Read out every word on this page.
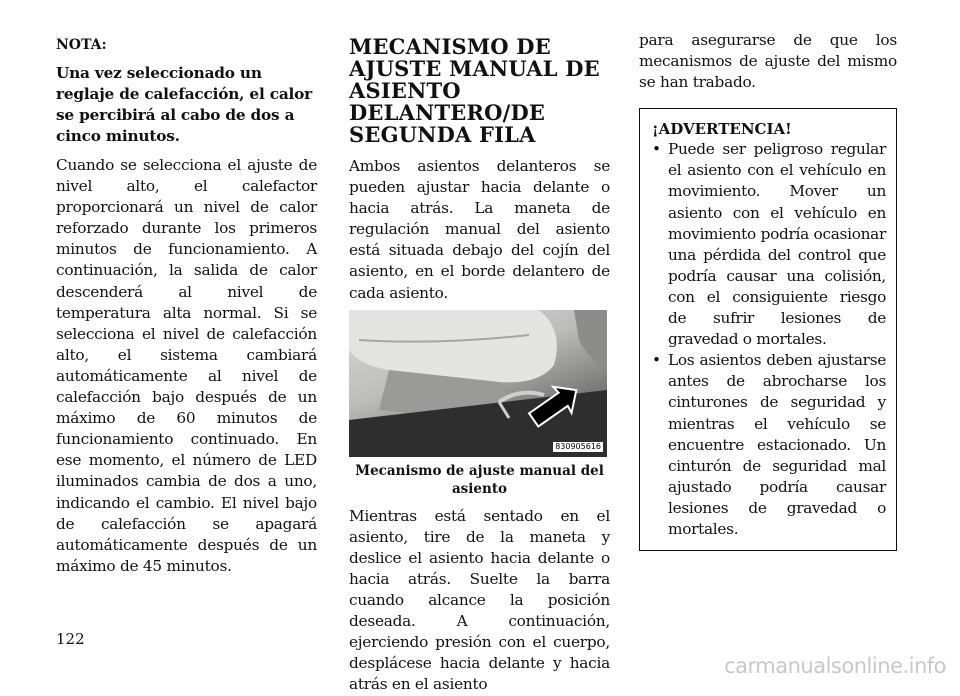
NOTA:

Una vez seleccionado un reglaje de calefacción, el calor se percibirá al cabo de dos a cinco minutos.

Cuando se selecciona el ajuste de nivel alto, el calefactor proporcionará un nivel de calor reforzado durante los primeros minutos de funcionamiento. A continuación, la salida de calor descenderá al nivel de temperatura alta normal. Si se selecciona el nivel de calefacción alto, el sistema cambiará automáticamente al nivel de calefacción bajo después de un máximo de 60 minutos de funcionamiento continuado. En ese momento, el número de LED iluminados cambia de dos a uno, indicando el cambio. El nivel bajo de calefacción se apagará automáticamente después de un máximo de 45 minutos.

MECANISMO DE AJUSTE MANUAL DE ASIENTO DELANTERO/DE SEGUNDA FILA

Ambos asientos delanteros se pueden ajustar hacia delante o hacia atrás. La maneta de regulación manual del asiento está situada debajo del cojín del asiento, en el borde delantero de cada asiento.

830905616
Mecanismo de ajuste manual del asiento

Mientras está sentado en el asiento, tire de la maneta y deslice el asiento hacia delante o hacia atrás. Suelte la barra cuando alcance la posición deseada. A continuación, ejerciendo presión con el cuerpo, desplácese hacia delante y hacia atrás en el asiento

para asegurarse de que los mecanismos de ajuste del mismo se han trabado.

¡ADVERTENCIA!
• Puede ser peligroso regular el asiento con el vehículo en movimiento. Mover un asiento con el vehículo en movimiento podría ocasionar una pérdida del control que podría causar una colisión, con el consiguiente riesgo de sufrir lesiones de gravedad o mortales.
• Los asientos deben ajustarse antes de abrocharse los cinturones de seguridad y mientras el vehículo se encuentre estacionado. Un cinturón de seguridad mal ajustado podría causar lesiones de gravedad o mortales.
122
carmanualsonline.info
